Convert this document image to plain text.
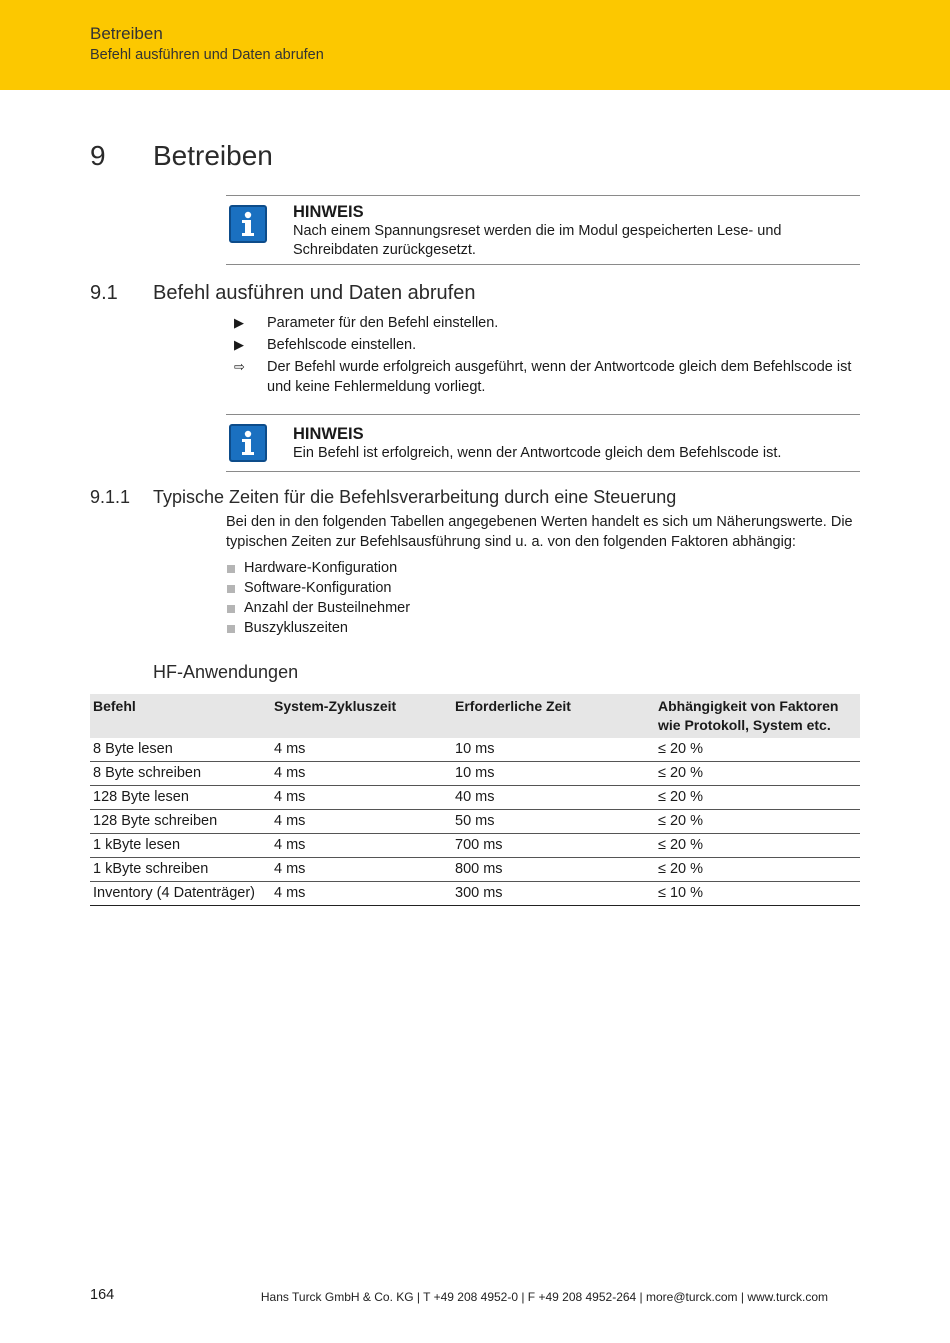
Betreiben
Befehl ausführen und Daten abrufen
9 Betreiben
HINWEIS
Nach einem Spannungsreset werden die im Modul gespeicherten Lese- und Schreibdaten zurückgesetzt.
9.1 Befehl ausführen und Daten abrufen
▶	Parameter für den Befehl einstellen.
▶	Befehlscode einstellen.
⇨	Der Befehl wurde erfolgreich ausgeführt, wenn der Antwortcode gleich dem Befehlscode ist und keine Fehlermeldung vorliegt.
HINWEIS
Ein Befehl ist erfolgreich, wenn der Antwortcode gleich dem Befehlscode ist.
9.1.1 Typische Zeiten für die Befehlsverarbeitung durch eine Steuerung
Bei den in den folgenden Tabellen angegebenen Werten handelt es sich um Näherungswerte. Die typischen Zeiten zur Befehlsausführung sind u. a. von den folgenden Faktoren abhängig:
Hardware-Konfiguration
Software-Konfiguration
Anzahl der Busteilnehmer
Buszykluszeiten
HF-Anwendungen
Befehl	System-Zykluszeit	Erforderliche Zeit	Abhängigkeit von Faktoren wie Protokoll, System etc.
8 Byte lesen	4 ms	10 ms	≤ 20 %
8 Byte schreiben	4 ms	10 ms	≤ 20 %
128 Byte lesen	4 ms	40 ms	≤ 20 %
128 Byte schreiben	4 ms	50 ms	≤ 20 %
1 kByte lesen	4 ms	700 ms	≤ 20 %
1 kByte schreiben	4 ms	800 ms	≤ 20 %
Inventory (4 Datenträger)	4 ms	300 ms	≤ 10 %
164	Hans Turck GmbH & Co. KG | T +49 208 4952-0 | F +49 208 4952-264 | more@turck.com | www.turck.com
